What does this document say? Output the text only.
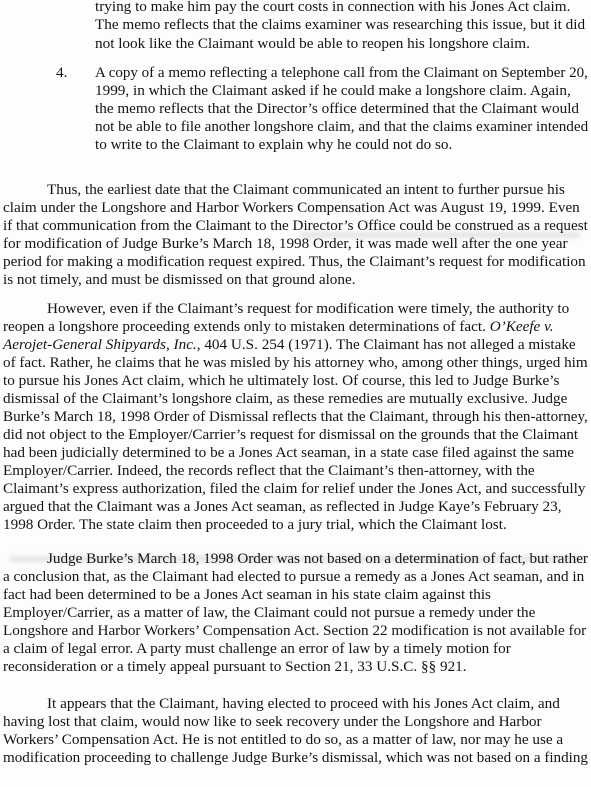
trying to make him pay the court costs in connection with his Jones Act claim.
The memo reflects that the claims examiner was researching this issue, but it did
not look like the Claimant would be able to reopen his longshore claim.
4. A copy of a memo reflecting a telephone call from the Claimant on September 20,
1999, in which the Claimant asked if he could make a longshore claim. Again,
the memo reflects that the Director’s office determined that the Claimant would
not be able to file another longshore claim, and that the claims examiner intended
to write to the Claimant to explain why he could not do so.
Thus, the earliest date that the Claimant communicated an intent to further pursue his
claim under the Longshore and Harbor Workers Compensation Act was August 19, 1999. Even
if that communication from the Claimant to the Director’s Office could be construed as a request
for modification of Judge Burke’s March 18, 1998 Order, it was made well after the one year
period for making a modification request expired. Thus, the Claimant’s request for modification
is not timely, and must be dismissed on that ground alone.
However, even if the Claimant’s request for modification were timely, the authority to
reopen a longshore proceeding extends only to mistaken determinations of fact. O’Keefe v.
Aerojet-General Shipyards, Inc., 404 U.S. 254 (1971). The Claimant has not alleged a mistake
of fact. Rather, he claims that he was misled by his attorney who, among other things, urged him
to pursue his Jones Act claim, which he ultimately lost. Of course, this led to Judge Burke’s
dismissal of the Claimant’s longshore claim, as these remedies are mutually exclusive. Judge
Burke’s March 18, 1998 Order of Dismissal reflects that the Claimant, through his then-attorney,
did not object to the Employer/Carrier’s request for dismissal on the grounds that the Claimant
had been judicially determined to be a Jones Act seaman, in a state case filed against the same
Employer/Carrier. Indeed, the records reflect that the Claimant’s then-attorney, with the
Claimant’s express authorization, filed the claim for relief under the Jones Act, and successfully
argued that the Claimant was a Jones Act seaman, as reflected in Judge Kaye’s February 23,
1998 Order. The state claim then proceeded to a jury trial, which the Claimant lost.
Judge Burke’s March 18, 1998 Order was not based on a determination of fact, but rather
a conclusion that, as the Claimant had elected to pursue a remedy as a Jones Act seaman, and in
fact had been determined to be a Jones Act seaman in his state claim against this
Employer/Carrier, as a matter of law, the Claimant could not pursue a remedy under the
Longshore and Harbor Workers’ Compensation Act. Section 22 modification is not available for
a claim of legal error. A party must challenge an error of law by a timely motion for
reconsideration or a timely appeal pursuant to Section 21, 33 U.S.C. §§ 921.
It appears that the Claimant, having elected to proceed with his Jones Act claim, and
having lost that claim, would now like to seek recovery under the Longshore and Harbor
Workers’ Compensation Act. He is not entitled to do so, as a matter of law, nor may he use a
modification proceeding to challenge Judge Burke’s dismissal, which was not based on a finding
